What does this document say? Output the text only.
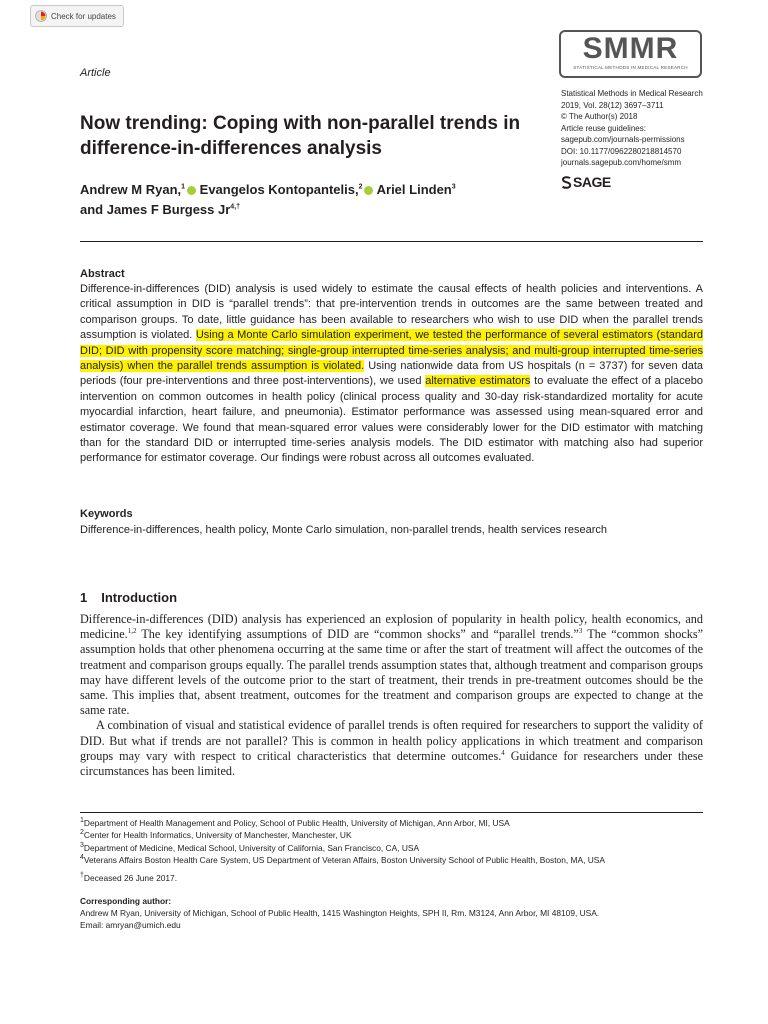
Check for updates
Article
SMMR
STATISTICAL METHODS IN MEDICAL RESEARCH
Statistical Methods in Medical Research
2019, Vol. 28(12) 3697–3711
© The Author(s) 2018
Article reuse guidelines:
sagepub.com/journals-permissions
DOI: 10.1177/0962280218814570
journals.sagepub.com/home/smm
SAGE
Now trending: Coping with non-parallel trends in difference-in-differences analysis
Andrew M Ryan,$^1$ Evangelos Kontopantelis,$^2$ Ariel Linden$^3$
and James F Burgess $Jr^{4,\dagger}$
Abstract

Difference-in-differences (DID) analysis is used widely to estimate the causal effects of health policies and interventions. A critical assumption in DID is “parallel trends”: that pre-intervention trends in outcomes are the same between treated and comparison groups. To date, little guidance has been available to researchers who wish to use DID when the parallel trends assumption is violated. Using a Monte Carlo simulation experiment, we tested the performance of several estimators (standard DID; DID with propensity score matching; single-group interrupted time-series analysis; and multi-group interrupted time-series analysis) when the parallel trends assumption is violated. Using nationwide data from US hospitals (n = 3737) for seven data periods (four pre-interventions and three post-interventions), we used alternative estimators to evaluate the effect of a placebo intervention on common outcomes in health policy (clinical process quality and 30-day risk-standardized mortality for acute myocardial infarction, heart failure, and pneumonia). Estimator performance was assessed using mean-squared error and estimator coverage. We found that mean-squared error values were considerably lower for the DID estimator with matching than for the standard DID or interrupted time-series analysis models. The DID estimator with matching also had superior performance for estimator coverage. Our findings were robust across all outcomes evaluated.

Keywords

Difference-in-differences, health policy, Monte Carlo simulation, non-parallel trends, health services research

1 Introduction

Difference-in-differences (DID) analysis has experienced an explosion of popularity in health policy, health economics, and medicine.$^{1,2}$ The key identifying assumptions of DID are “common shocks” and “parallel trends.”$^3$ The “common shocks” assumption holds that other phenomena occurring at the same time or after the start of treatment will affect the outcomes of the treatment and comparison groups equally. The parallel trends assumption states that, although treatment and comparison groups may have different levels of the outcome prior to the start of treatment, their trends in pre-treatment outcomes should be the same. This implies that, absent treatment, outcomes for the treatment and comparison groups are expected to change at the same rate.

A combination of visual and statistical evidence of parallel trends is often required for researchers to support the validity of DID. But what if trends are not parallel? This is common in health policy applications in which treatment and comparison groups may vary with respect to critical characteristics that determine outcomes.$^4$ Guidance for researchers under these circumstances has been limited.

$^1$Department of Health Management and Policy, School of Public Health, University of Michigan, Ann Arbor, MI, USA
$^2$Center for Health Informatics, University of Manchester, Manchester, UK
$^3$Department of Medicine, Medical School, University of California, San Francisco, CA, USA
$^4$Veterans Affairs Boston Health Care System, US Department of Veteran Affairs, Boston University School of Public Health, Boston, MA, USA
†Deceased 26 June 2017.
Corresponding author:
Andrew M Ryan, University of Michigan, School of Public Health, 1415 Washington Heights, SPH II, Rm. M3124, Ann Arbor, MI 48109, USA.
Email: amryan@umich.edu
